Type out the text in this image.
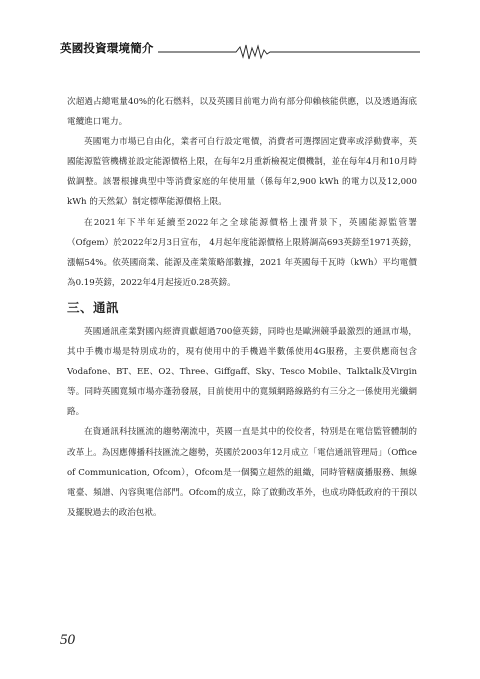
英國投資環境簡介

次超過占總電量40%的化石燃料，以及英國目前電力尚有部分仰賴核能供應，以及透過海底電纜進口電力。

英國電力市場已自由化，業者可自行設定電價，消費者可選擇固定費率或浮動費率，英國能源監管機構並設定能源價格上限，在每年2月重新檢視定價機制，並在每年4月和10月時做調整。該署根據典型中等消費家庭的年使用量（係每年2,900 kWh 的電力以及12,000 kWh 的天然氣）制定標準能源價格上限。

在2021年下半年延續至2022年之全球能源價格上漲背景下，英國能源監管署（Ofgem）於2022年2月3日宣布， 4月起年度能源價格上限將調高693英鎊至1971英鎊，漲幅54%。依英國商業、能源及產業策略部數據，2021 年英國每千瓦時（kWh）平均電價為0.19英鎊，2022年4月起接近0.28英鎊。

三、通訊

英國通訊產業對國內經濟貢獻超過700億英鎊，同時也是歐洲競爭最激烈的通訊市場，其中手機市場是特別成功的，現有使用中的手機過半數係使用4G服務，主要供應商包含Vodafone、BT、EE、O2、Three、Giffgaff、Sky、Tesco Mobile、Talktalk及Virgin等。同時英國寬頻市場亦蓬勃發展，目前使用中的寬頻網路線路約有三分之一係使用光纖網路。

在資通訊科技匯流的趨勢潮流中，英國一直是其中的佼佼者，特別是在電信監管體制的改革上。為因應傳播科技匯流之趨勢，英國於2003年12月成立「電信通訊管理局」（Office of Communication, Ofcom），Ofcom是一個獨立超然的組織，同時管轄廣播服務、無線電臺、頻譜、內容與電信部門。Ofcom的成立，除了啟動改革外，也成功降低政府的干預以及擺脫過去的政治包袱。

50
